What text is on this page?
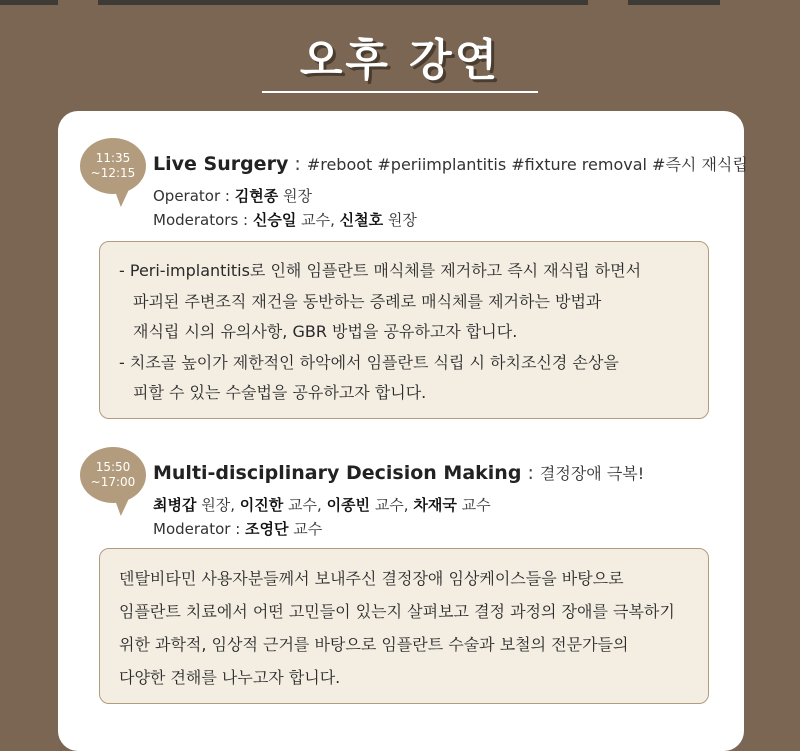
오후 강연
11:35
~12:15 Live Surgery : #reboot #periimplantitis #fixture removal #즉시 재식립
Operator : 김현종 원장
Moderators : 신승일 교수, 신철호 원장
- Peri-implantitis로 인해 임플란트 매식체를 제거하고 즉시 재식립 하면서
파괴된 주변조직 재건을 동반하는 증례로 매식체를 제거하는 방법과
재식립 시의 유의사항, GBR 방법을 공유하고자 합니다.
- 치조골 높이가 제한적인 하악에서 임플란트 식립 시 하치조신경 손상을
피할 수 있는 수술법을 공유하고자 합니다.
15:50
~17:00 Multi-disciplinary Decision Making : 결정장애 극복!
최병갑 원장, 이진한 교수, 이종빈 교수, 차재국 교수
Moderator : 조영단 교수
덴탈비타민 사용자분들께서 보내주신 결정장애 임상케이스들을 바탕으로
임플란트 치료에서 어떤 고민들이 있는지 살펴보고 결정 과정의 장애를 극복하기
위한 과학적, 임상적 근거를 바탕으로 임플란트 수술과 보철의 전문가들의
다양한 견해를 나누고자 합니다.
